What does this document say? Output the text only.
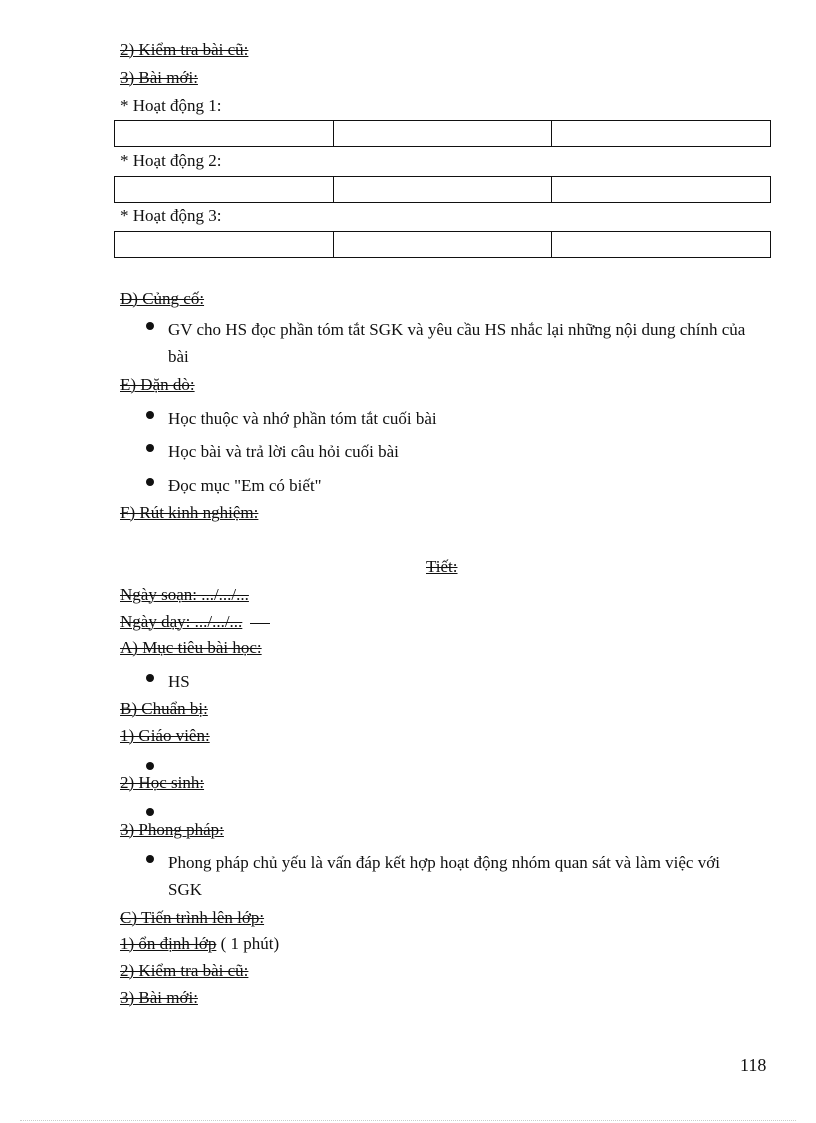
2) Kiểm tra bài cũ:
3) Bài mới:
* Hoạt động 1:

* Hoạt động 2:

* Hoạt động 3:

D) Củng cố:
GV cho HS đọc phần tóm tắt SGK và yêu cầu HS nhắc lại những nội dung chính của bài
E) Dặn dò:
Học thuộc và nhớ phần tóm tắt cuối bài
Học bài và trả lời câu hỏi cuối bài
Đọc mục "Em có biết"
F) Rút kinh nghiệm:
Tiết:
Ngày soạn: .../.../...
Ngày dạy: .../.../...
A) Mục tiêu bài học:
HS
B) Chuẩn bị:
1) Giáo viên:
2) Học sinh:
3) Phong pháp:
Phong pháp chủ yếu là vấn đáp kết hợp hoạt động nhóm quan sát và làm việc với SGK
C) Tiến trình lên lớp:
1) ổn định lớp ( 1 phút)
2) Kiểm tra bài cũ:
3) Bài mới:
118
